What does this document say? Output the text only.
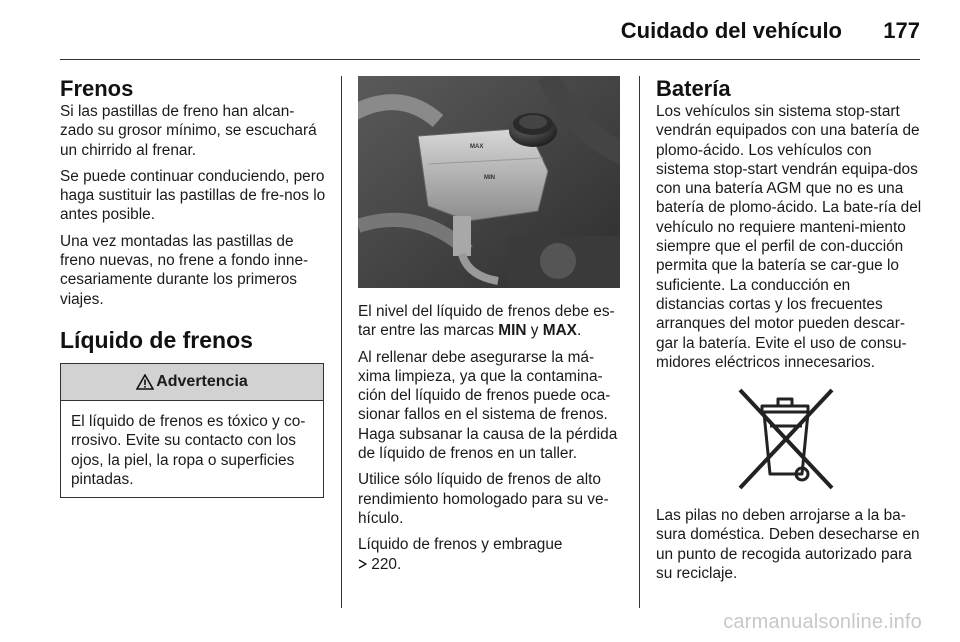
Cuidado del vehículo 177
Frenos

Si las pastillas de freno han alcan-zado su grosor mínimo, se escuchará un chirrido al frenar.

Se puede continuar conduciendo, pero haga sustituir las pastillas de fre-nos lo antes posible.

Una vez montadas las pastillas de freno nuevas, no frene a fondo inne-cesariamente durante los primeros viajes.

Líquido de frenos
Advertencia
El líquido de frenos es tóxico y co-rrosivo. Evite su contacto con los ojos, la piel, la ropa o superficies pintadas.
MAX
MIN

El nivel del líquido de frenos debe es-tar entre las marcas MIN y MAX.

Al rellenar debe asegurarse la má-xima limpieza, ya que la contamina-ción del líquido de frenos puede oca-sionar fallos en el sistema de frenos. Haga subsanar la causa de la pérdida de líquido de frenos en un taller.

Utilice sólo líquido de frenos de alto rendimiento homologado para su ve-hículo.

Líquido de frenos y embrague
220.

Batería

Los vehículos sin sistema stop-start vendrán equipados con una batería de plomo-ácido. Los vehículos con sistema stop-start vendrán equipa-dos con una batería AGM que no es una batería de plomo-ácido. La bate-ría del vehículo no requiere manteni-miento siempre que el perfil de con-ducción permita que la batería se car-gue lo suficiente. La conducción en distancias cortas y los frecuentes arranques del motor pueden descar-gar la batería. Evite el uso de consu-midores eléctricos innecesarios.

Las pilas no deben arrojarse a la ba-sura doméstica. Deben desecharse en un punto de recogida autorizado para su reciclaje.

carmanualsonline.info
